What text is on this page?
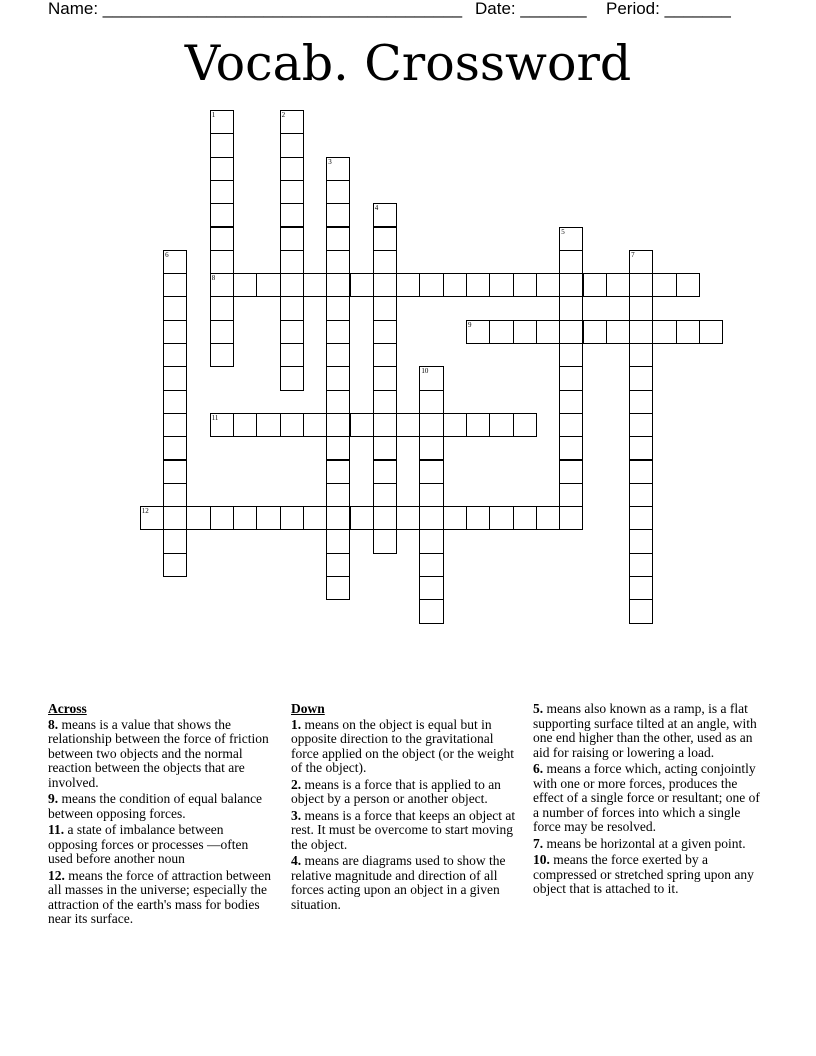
Name: ______________________________________ Date: _______ Period: _______
Vocab. Crossword
1
8
2
3
4
5
6	7
9
10
11
12
Across
8. means is a value that shows the relationship between the force of friction between two objects and the normal reaction between the objects that are involved.
9. means the condition of equal balance between opposing forces.
11. a state of imbalance between opposing forces or processes —often used before another noun
12. means the force of attraction between all masses in the universe; especially the attraction of the earth's mass for bodies near its surface.
Down
1. means on the object is equal but in opposite direction to the gravitational force applied on the object (or the weight of the object).
2. means is a force that is applied to an object by a person or another object.
3. means is a force that keeps an object at rest. It must be overcome to start moving the object.
4. means are diagrams used to show the relative magnitude and direction of all forces acting upon an object in a given situation.
5. means also known as a ramp, is a flat supporting surface tilted at an angle, with one end higher than the other, used as an aid for raising or lowering a load.
6. means a force which, acting conjointly with one or more forces, produces the effect of a single force or resultant; one of a number of forces into which a single force may be resolved.
7. means be horizontal at a given point.
10. means the force exerted by a compressed or stretched spring upon any object that is attached to it.
